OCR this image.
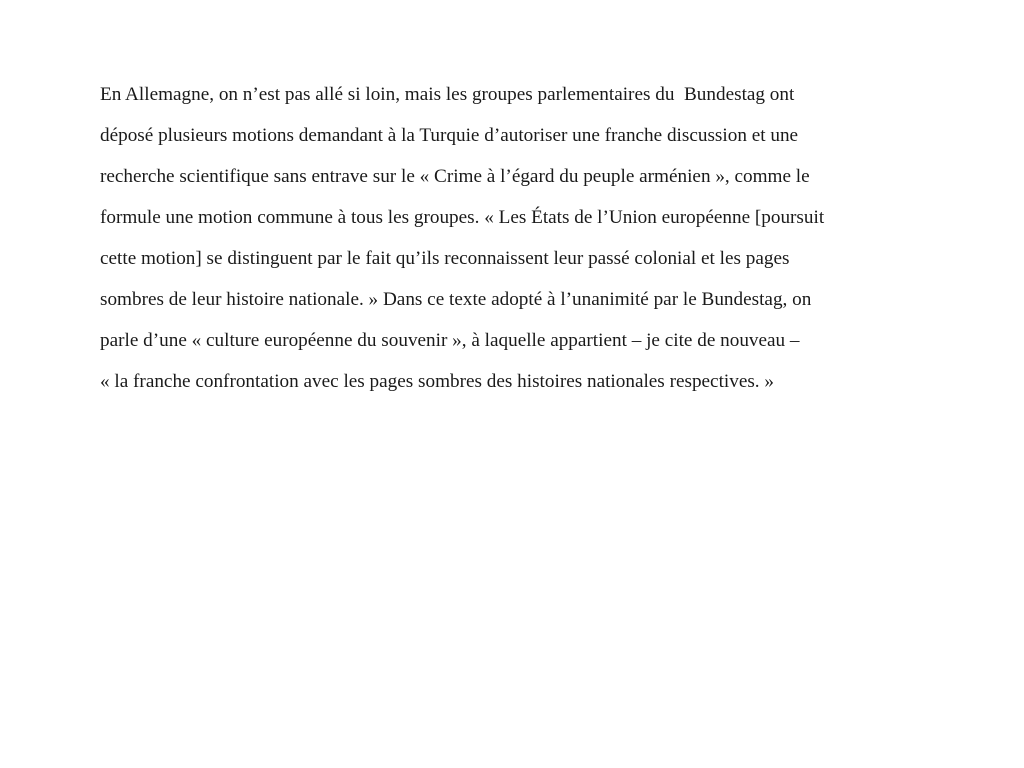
En Allemagne, on n’est pas allé si loin, mais les groupes parlementaires du  Bundestag ont
déposé plusieurs motions demandant à la Turquie d’autoriser une franche discussion et une
recherche scientifique sans entrave sur le « Crime à l’égard du peuple arménien », comme le
formule une motion commune à tous les groupes. « Les États de l’Union européenne [poursuit
cette motion] se distinguent par le fait qu’ils reconnaissent leur passé colonial et les pages
sombres de leur histoire nationale. » Dans ce texte adopté à l’unanimité par le Bundestag, on
parle d’une « culture européenne du souvenir », à laquelle appartient – je cite de nouveau –
« la franche confrontation avec les pages sombres des histoires nationales respectives. »
